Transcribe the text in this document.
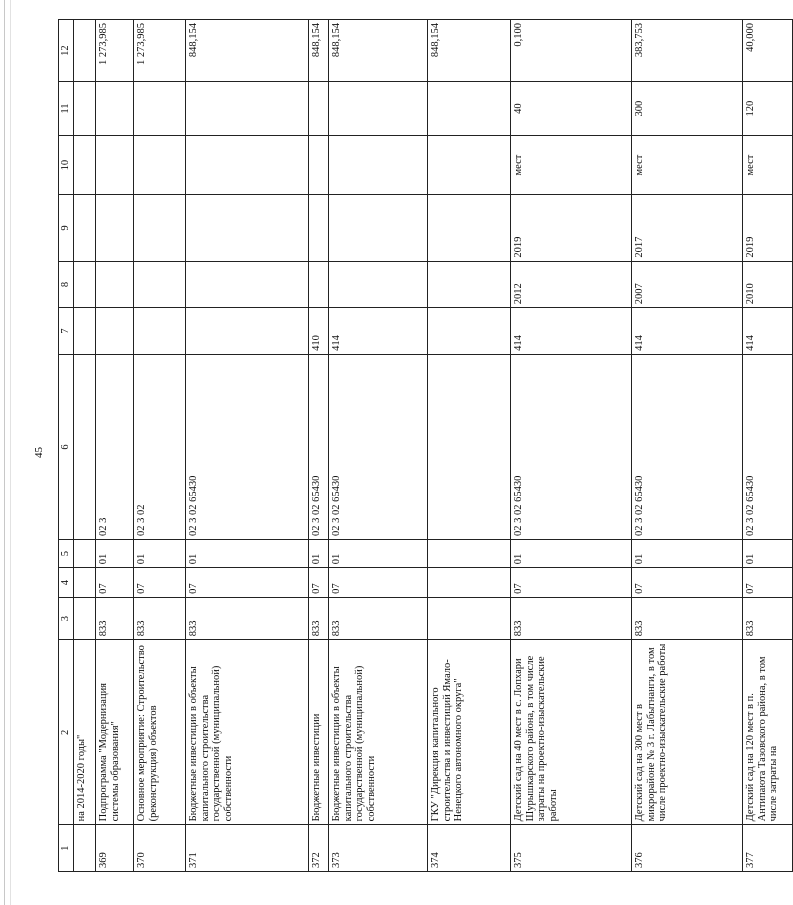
45
1	2	3	4	5	6	7	8	9	10	11	12
	на 2014-2020 годы"										
369	Подпрограмма "Модернизация системы образования"	833	07	01	02 3						1 273,985
370	Основное мероприятие: Строительство (реконструкция) объектов	833	07	01	02 3 02						1 273,985
371	Бюджетные инвестиции в объекты капитального строительства государственной (муниципальной) собственности	833	07	01	02 3 02 65430						848,154
372	Бюджетные инвестиции	833	07	01	02 3 02 65430	410					848,154
373	Бюджетные инвестиции в объекты капитального строительства государственной (муниципальной) собственности	833	07	01	02 3 02 65430	414					848,154
374	ГКУ "Дирекция капитального строительства и инвестиций Ямало-Ненецкого автономного округа"										848,154
375	Детский сад на 40 мест в с. Лопхари Шурышкарского района, в том числе затраты на проектно-изыскательские работы	833	07	01	02 3 02 65430	414	2012	2019	мест	40	0,100
376	Детский сад на 300 мест в микрорайоне № 3 г. Лабытнанги, в том числе проектно-изыскательские работы	833	07	01	02 3 02 65430	414	2007	2017	мест	300	383,753
377	Детский сад на 120 мест в п. Антипаюта Тазовского района, в том числе затраты на	833	07	01	02 3 02 65430	414	2010	2019	мест	120	40,000
